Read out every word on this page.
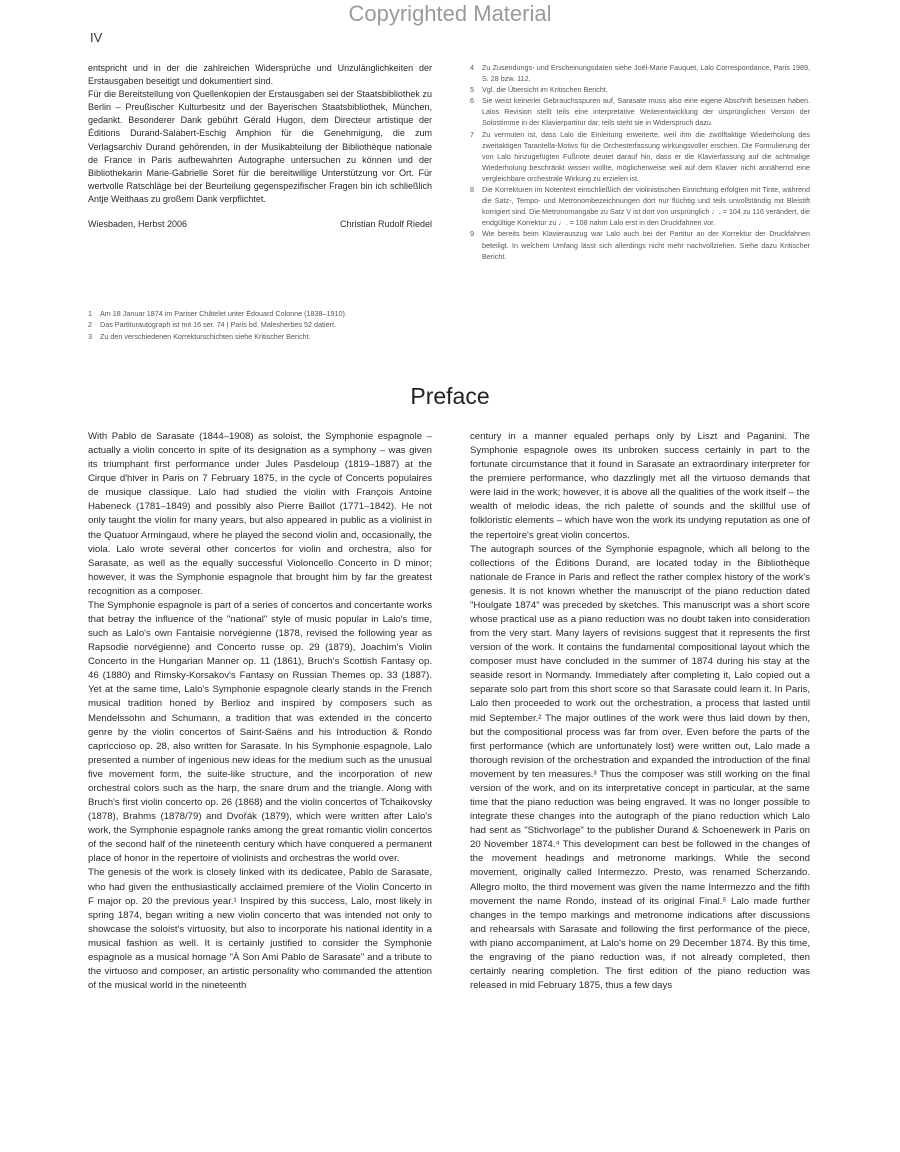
Copyrighted Material
IV

entspricht und in der die zahlreichen Widersprüche und Unzulänglichkeiten der Erstausgaben beseitigt und dokumentiert sind.

Für die Bereitstellung von Quellenkopien der Erstausgaben sei der Staatsbibliothek zu Berlin – Preußischer Kulturbesitz und der Bayerischen Staatsbibliothek, München, gedankt. Besonderer Dank gebührt Gérald Hugon, dem Directeur artistique der Éditions Durand-Salabert-Eschig Amphion für die Genehmigung, die zum Verlagsarchiv Durand gehörenden, in der Musikabteilung der Bibliothèque nationale de France in Paris aufbewahrten Autographe untersuchen zu können und der Bibliothekarin Marie-Gabrielle Soret für die bereitwillige Unterstützung vor Ort. Für wertvolle Ratschläge bei der Beurteilung gegenspezifischer Fragen bin ich schließlich Antje Weithaas zu großem Dank verpflichtet.

Wiesbaden, Herbst 2006	Christian Rudolf Riedel
1	Am 18 Januar 1874 im Pariser Châtelet unter Édouard Colonne (1838–1910).
2	Das Partiturautograph ist mit 16 ser. 74 | Paris bd. Malesherbes 52 datiert.
3	Zu den verschiedenen Korrekturschichten siehe Kritischer Bericht.
4	Zu Zusendungs- und Erscheinungsdaten siehe Joël-Marie Fauquet, Lalo Correspondance, Paris 1989, S. 28 bzw. 112.
5	Vgl. die Übersicht im Kritischen Bericht.
6	Sie weist keinerlei Gebrauchsspuren auf, Sarasate muss also eine eigene Abschrift besessen haben. Lalos Revision stellt teils eine interpretative Weiterentwicklung der ursprünglichen Version der Solostimme in der Klavierpartitur dar, teils steht sie in Widerspruch dazu.
7	Zu vermuten ist, dass Lalo die Einleitung erweiterte, weil ihm die zwölftaktige Wiederholung des zweitaktigen Tarantella-Motivs für die Orchesterfassung wirkungsvoller erschien. Die Formulierung der von Lalo hinzugefügten Fußnote deutet darauf hin, dass er die Klavierfassung auf die achtmalige Wiederholung beschränkt wissen wollte, möglicherweise weil auf dem Klavier nicht annähernd eine vergleichbare orchestrale Wirkung zu erzielen ist.
8	Die Korrekturen im Notentext einschließlich der violinistischen Einrichtung erfolgten mit Tinte, während die Satz-, Tempo- und Metronombezeichnungen dort nur flüchtig und teils unvollständig mit Bleistift korrigiert sind. Die Metronomangabe zu Satz V ist dort von ursprünglich ♩. = 104 zu 116 verändert, die endgültige Korrektur zu ♩. = 108 nahm Lalo erst in den Druckfahnen vor.
9	Wie bereits beim Klavierauszug war Lalo auch bei der Partitur an der Korrektur der Druckfahnen beteiligt. In welchem Umfang lässt sich allerdings nicht mehr nachvollziehen. Siehe dazu Kritischer Bericht.
Preface

With Pablo de Sarasate (1844–1908) as soloist, the Symphonie espagnole – actually a violin concerto in spite of its designation as a symphony – was given its triumphant first performance under Jules Pasdeloup (1819–1887) at the Cirque d'hiver in Paris on 7 February 1875, in the cycle of Concerts populaires de musique classique. Lalo had studied the violin with François Antoine Habeneck (1781–1849) and possibly also Pierre Baillot (1771–1842). He not only taught the violin for many years, but also appeared in public as a violinist in the Quatuor Armingaud, where he played the second violin and, occasionally, the viola. Lalo wrote several other concertos for violin and orchestra, also for Sarasate, as well as the equally successful Violoncello Concerto in D minor; however, it was the Symphonie espagnole that brought him by far the greatest recognition as a composer.

The Symphonie espagnole is part of a series of concertos and concertante works that betray the influence of the "national" style of music popular in Lalo's time, such as Lalo's own Fantaisie norvégienne (1878, revised the following year as Rapsodie norvégienne) and Concerto russe op. 29 (1879), Joachim's Violin Concerto in the Hungarian Manner op. 11 (1861), Bruch's Scottish Fantasy op. 46 (1880) and Rimsky-Korsakov's Fantasy on Russian Themes op. 33 (1887). Yet at the same time, Lalo's Symphonie espagnole clearly stands in the French musical tradition honed by Berlioz and inspired by composers such as Mendelssohn and Schumann, a tradition that was extended in the concerto genre by the violin concertos of Saint-Saëns and his Introduction & Rondo capriccioso op. 28, also written for Sarasate. In his Symphonie espagnole, Lalo presented a number of ingenious new ideas for the medium such as the unusual five movement form, the suite-like structure, and the incorporation of new orchestral colors such as the harp, the snare drum and the triangle. Along with Bruch's first violin concerto op. 26 (1868) and the violin concertos of Tchaikovsky (1878), Brahms (1878/79) and Dvořák (1879), which were written after Lalo's work, the Symphonie espagnole ranks among the great romantic violin concertos of the second half of the nineteenth century which have conquered a permanent place of honor in the repertoire of violinists and orchestras the world over.

The genesis of the work is closely linked with its dedicatee, Pablo de Sarasate, who had given the enthusiastically acclaimed premiere of the Violin Concerto in F major op. 20 the previous year.¹ Inspired by this success, Lalo, most likely in spring 1874, began writing a new violin concerto that was intended not only to showcase the soloist's virtuosity, but also to incorporate his national identity in a musical fashion as well. It is certainly justified to consider the Symphonie espagnole as a musical homage "À Son Ami Pablo de Sarasate" and a tribute to the virtuoso and composer, an artistic personality who commanded the attention of the musical world in the nineteenth

century in a manner equaled perhaps only by Liszt and Paganini. The Symphonie espagnole owes its unbroken success certainly in part to the fortunate circumstance that it found in Sarasate an extraordinary interpreter for the premiere performance, who dazzlingly met all the virtuoso demands that were laid in the work; however, it is above all the qualities of the work itself – the wealth of melodic ideas, the rich palette of sounds and the skillful use of folkloristic elements – which have won the work its undying reputation as one of the repertoire's great violin concertos.

The autograph sources of the Symphonie espagnole, which all belong to the collections of the Éditions Durand, are located today in the Bibliothèque nationale de France in Paris and reflect the rather complex history of the work's genesis. It is not known whether the manuscript of the piano reduction dated "Houlgate 1874" was preceded by sketches. This manuscript was a short score whose practical use as a piano reduction was no doubt taken into consideration from the very start. Many layers of revisions suggest that it represents the first version of the work. It contains the fundamental compositional layout which the composer must have concluded in the summer of 1874 during his stay at the seaside resort in Normandy. Immediately after completing it, Lalo copied out a separate solo part from this short score so that Sarasate could learn it. In Paris, Lalo then proceeded to work out the orchestration, a process that lasted until mid September.² The major outlines of the work were thus laid down by then, but the compositional process was far from over. Even before the parts of the first performance (which are unfortunately lost) were written out, Lalo made a thorough revision of the orchestration and expanded the introduction of the final movement by ten measures.³ Thus the composer was still working on the final version of the work, and on its interpretative concept in particular, at the same time that the piano reduction was being engraved. It was no longer possible to integrate these changes into the autograph of the piano reduction which Lalo had sent as "Stichvorlage" to the publisher Durand & Schoenewerk in Paris on 20 November 1874.⁴ This development can best be followed in the changes of the movement headings and metronome markings. While the second movement, originally called Intermezzo. Presto, was renamed Scherzando. Allegro molto, the third movement was given the name Intermezzo and the fifth movement the name Rondo, instead of its original Final.⁵ Lalo made further changes in the tempo markings and metronome indications after discussions and rehearsals with Sarasate and following the first performance of the piece, with piano accompaniment, at Lalo's home on 29 December 1874. By this time, the engraving of the piano reduction was, if not already completed, then certainly nearing completion. The first edition of the piano reduction was released in mid February 1875, thus a few days
